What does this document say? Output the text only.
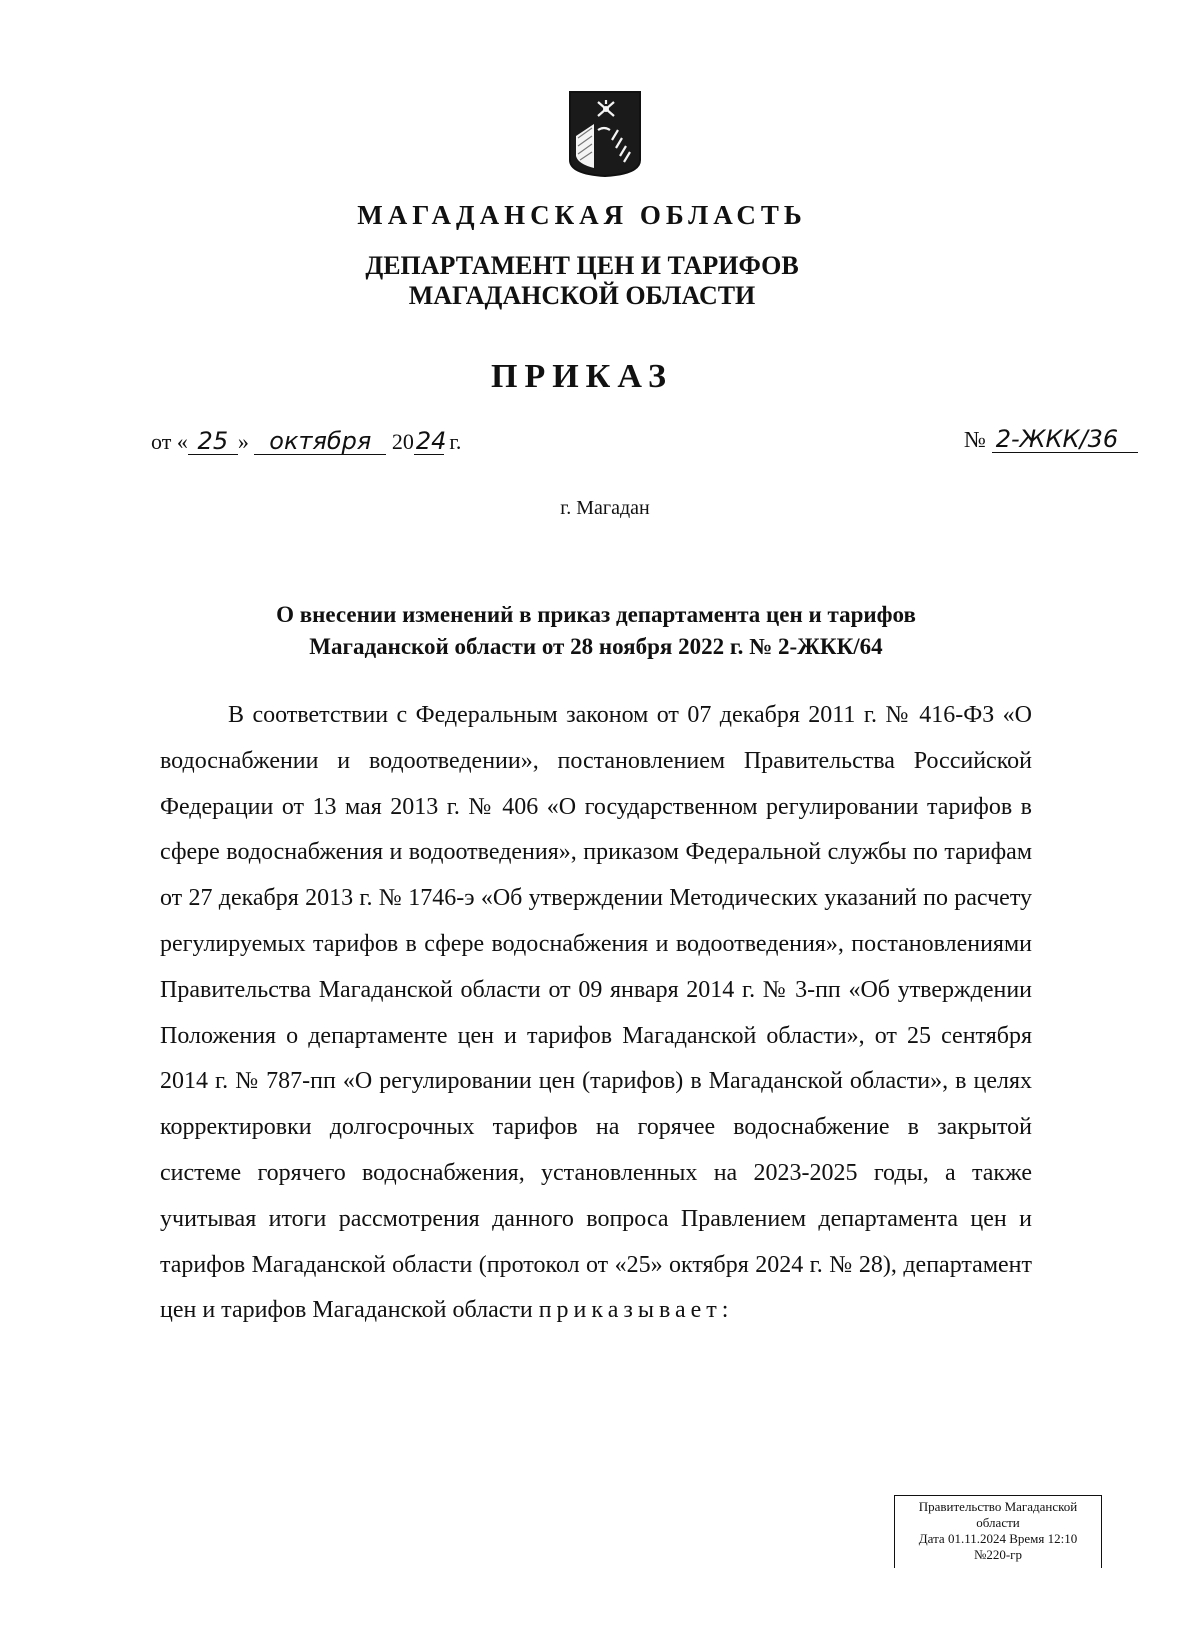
МАГАДАНСКАЯ ОБЛАСТЬ
ДЕПАРТАМЕНТ ЦЕН И ТАРИФОВ
МАГАДАНСКОЙ ОБЛАСТИ
ПРИКАЗ
от « 25 » октября 2024 г.	№ 2-ЖКК/36
г. Магадан
О внесении изменений в приказ департамента цен и тарифов
Магаданской области от 28 ноября 2022 г. № 2-ЖКК/64

В соответствии с Федеральным законом от 07 декабря 2011 г. № 416-ФЗ «О водоснабжении и водоотведении», постановлением Правительства Российской Федерации от 13 мая 2013 г. № 406 «О государственном регулировании тарифов в сфере водоснабжения и водоотведения», приказом Федеральной службы по тарифам от 27 декабря 2013 г. № 1746-э «Об утверждении Методических указаний по расчету регулируемых тарифов в сфере водоснабжения и водоотведения», постановлениями Правительства Магаданской области от 09 января 2014 г. № 3-пп «Об утверждении Положения о департаменте цен и тарифов Магаданской области», от 25 сентября 2014 г. № 787-пп «О регулировании цен (тарифов) в Магаданской области», в целях корректировки долгосрочных тарифов на горячее водоснабжение в закрытой системе горячего водоснабжения, установленных на 2023-2025 годы, а также учитывая итоги рассмотрения данного вопроса Правлением департамента цен и тарифов Магаданской области (протокол от «25» октября 2024 г. № 28), департамент цен и тарифов Магаданской области приказывает:

Правительство Магаданской
области
Дата 01.11.2024 Время 12:10
№220-гр
